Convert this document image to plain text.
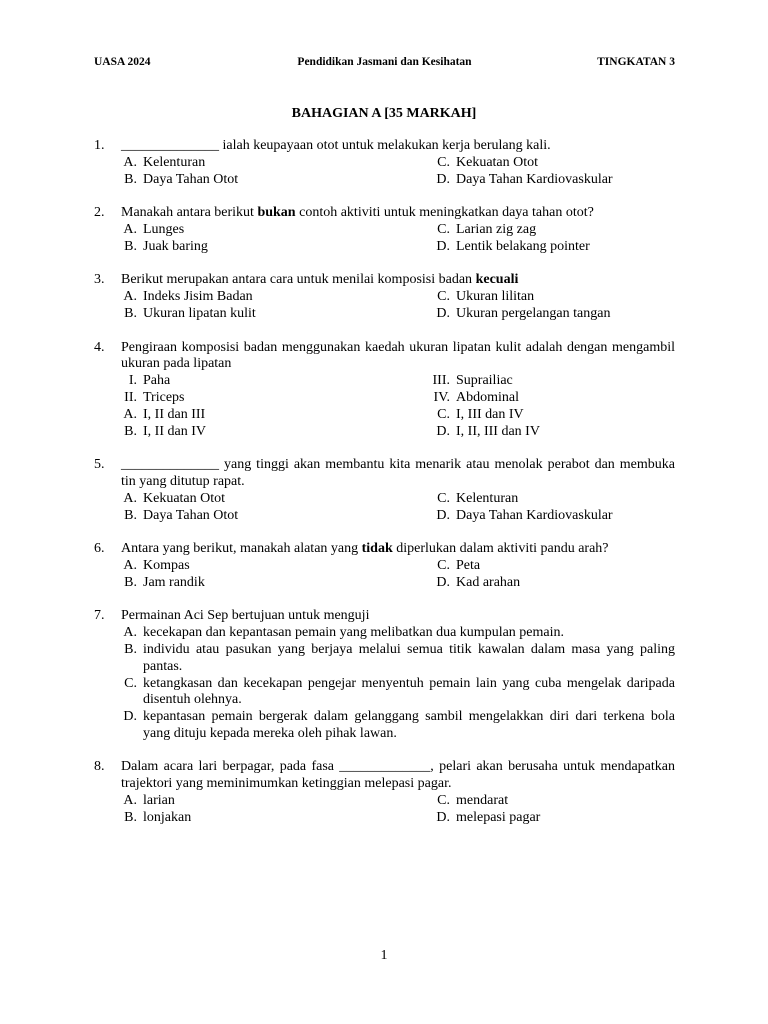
Pendidikan Jasmani dan Kesihatan
UASA 2024	TINGKATAN 3
BAHAGIAN A [35 MARKAH]
1. ______________ ialah keupayaan otot untuk melakukan kerja berulang kali.
A. Kelenturan	C. Kekuatan Otot
B. Daya Tahan Otot	D. Daya Tahan Kardiovaskular
2. Manakah antara berikut bukan contoh aktiviti untuk meningkatkan daya tahan otot?
A. Lunges	C. Larian zig zag
B. Juak baring	D. Lentik belakang pointer
3. Berikut merupakan antara cara untuk menilai komposisi badan kecuali
A. Indeks Jisim Badan	C. Ukuran lilitan
B. Ukuran lipatan kulit	D. Ukuran pergelangan tangan
4. Pengiraan komposisi badan menggunakan kaedah ukuran lipatan kulit adalah dengan mengambil ukuran pada lipatan
I. Paha	III. Suprailiac
II. Triceps	IV. Abdominal
A. I, II dan III	C. I, III dan IV
B. I, II dan IV	D. I, II, III dan IV
5. ______________ yang tinggi akan membantu kita menarik atau menolak perabot dan membuka tin yang ditutup rapat.
A. Kekuatan Otot	C. Kelenturan
B. Daya Tahan Otot	D. Daya Tahan Kardiovaskular
6. Antara yang berikut, manakah alatan yang tidak diperlukan dalam aktiviti pandu arah?
A. Kompas	C. Peta
B. Jam randik	D. Kad arahan
7. Permainan Aci Sep bertujuan untuk menguji
A. kecekapan dan kepantasan pemain yang melibatkan dua kumpulan pemain.
B. individu atau pasukan yang berjaya melalui semua titik kawalan dalam masa yang paling pantas.
C. ketangkasan dan kecekapan pengejar menyentuh pemain lain yang cuba mengelak daripada disentuh olehnya.
D. kepantasan pemain bergerak dalam gelanggang sambil mengelakkan diri dari terkena bola yang dituju kepada mereka oleh pihak lawan.
8. Dalam acara lari berpagar, pada fasa _____________, pelari akan berusaha untuk mendapatkan trajektori yang meminimumkan ketinggian melepasi pagar.
A. larian	C. mendarat
B. lonjakan	D. melepasi pagar
1
